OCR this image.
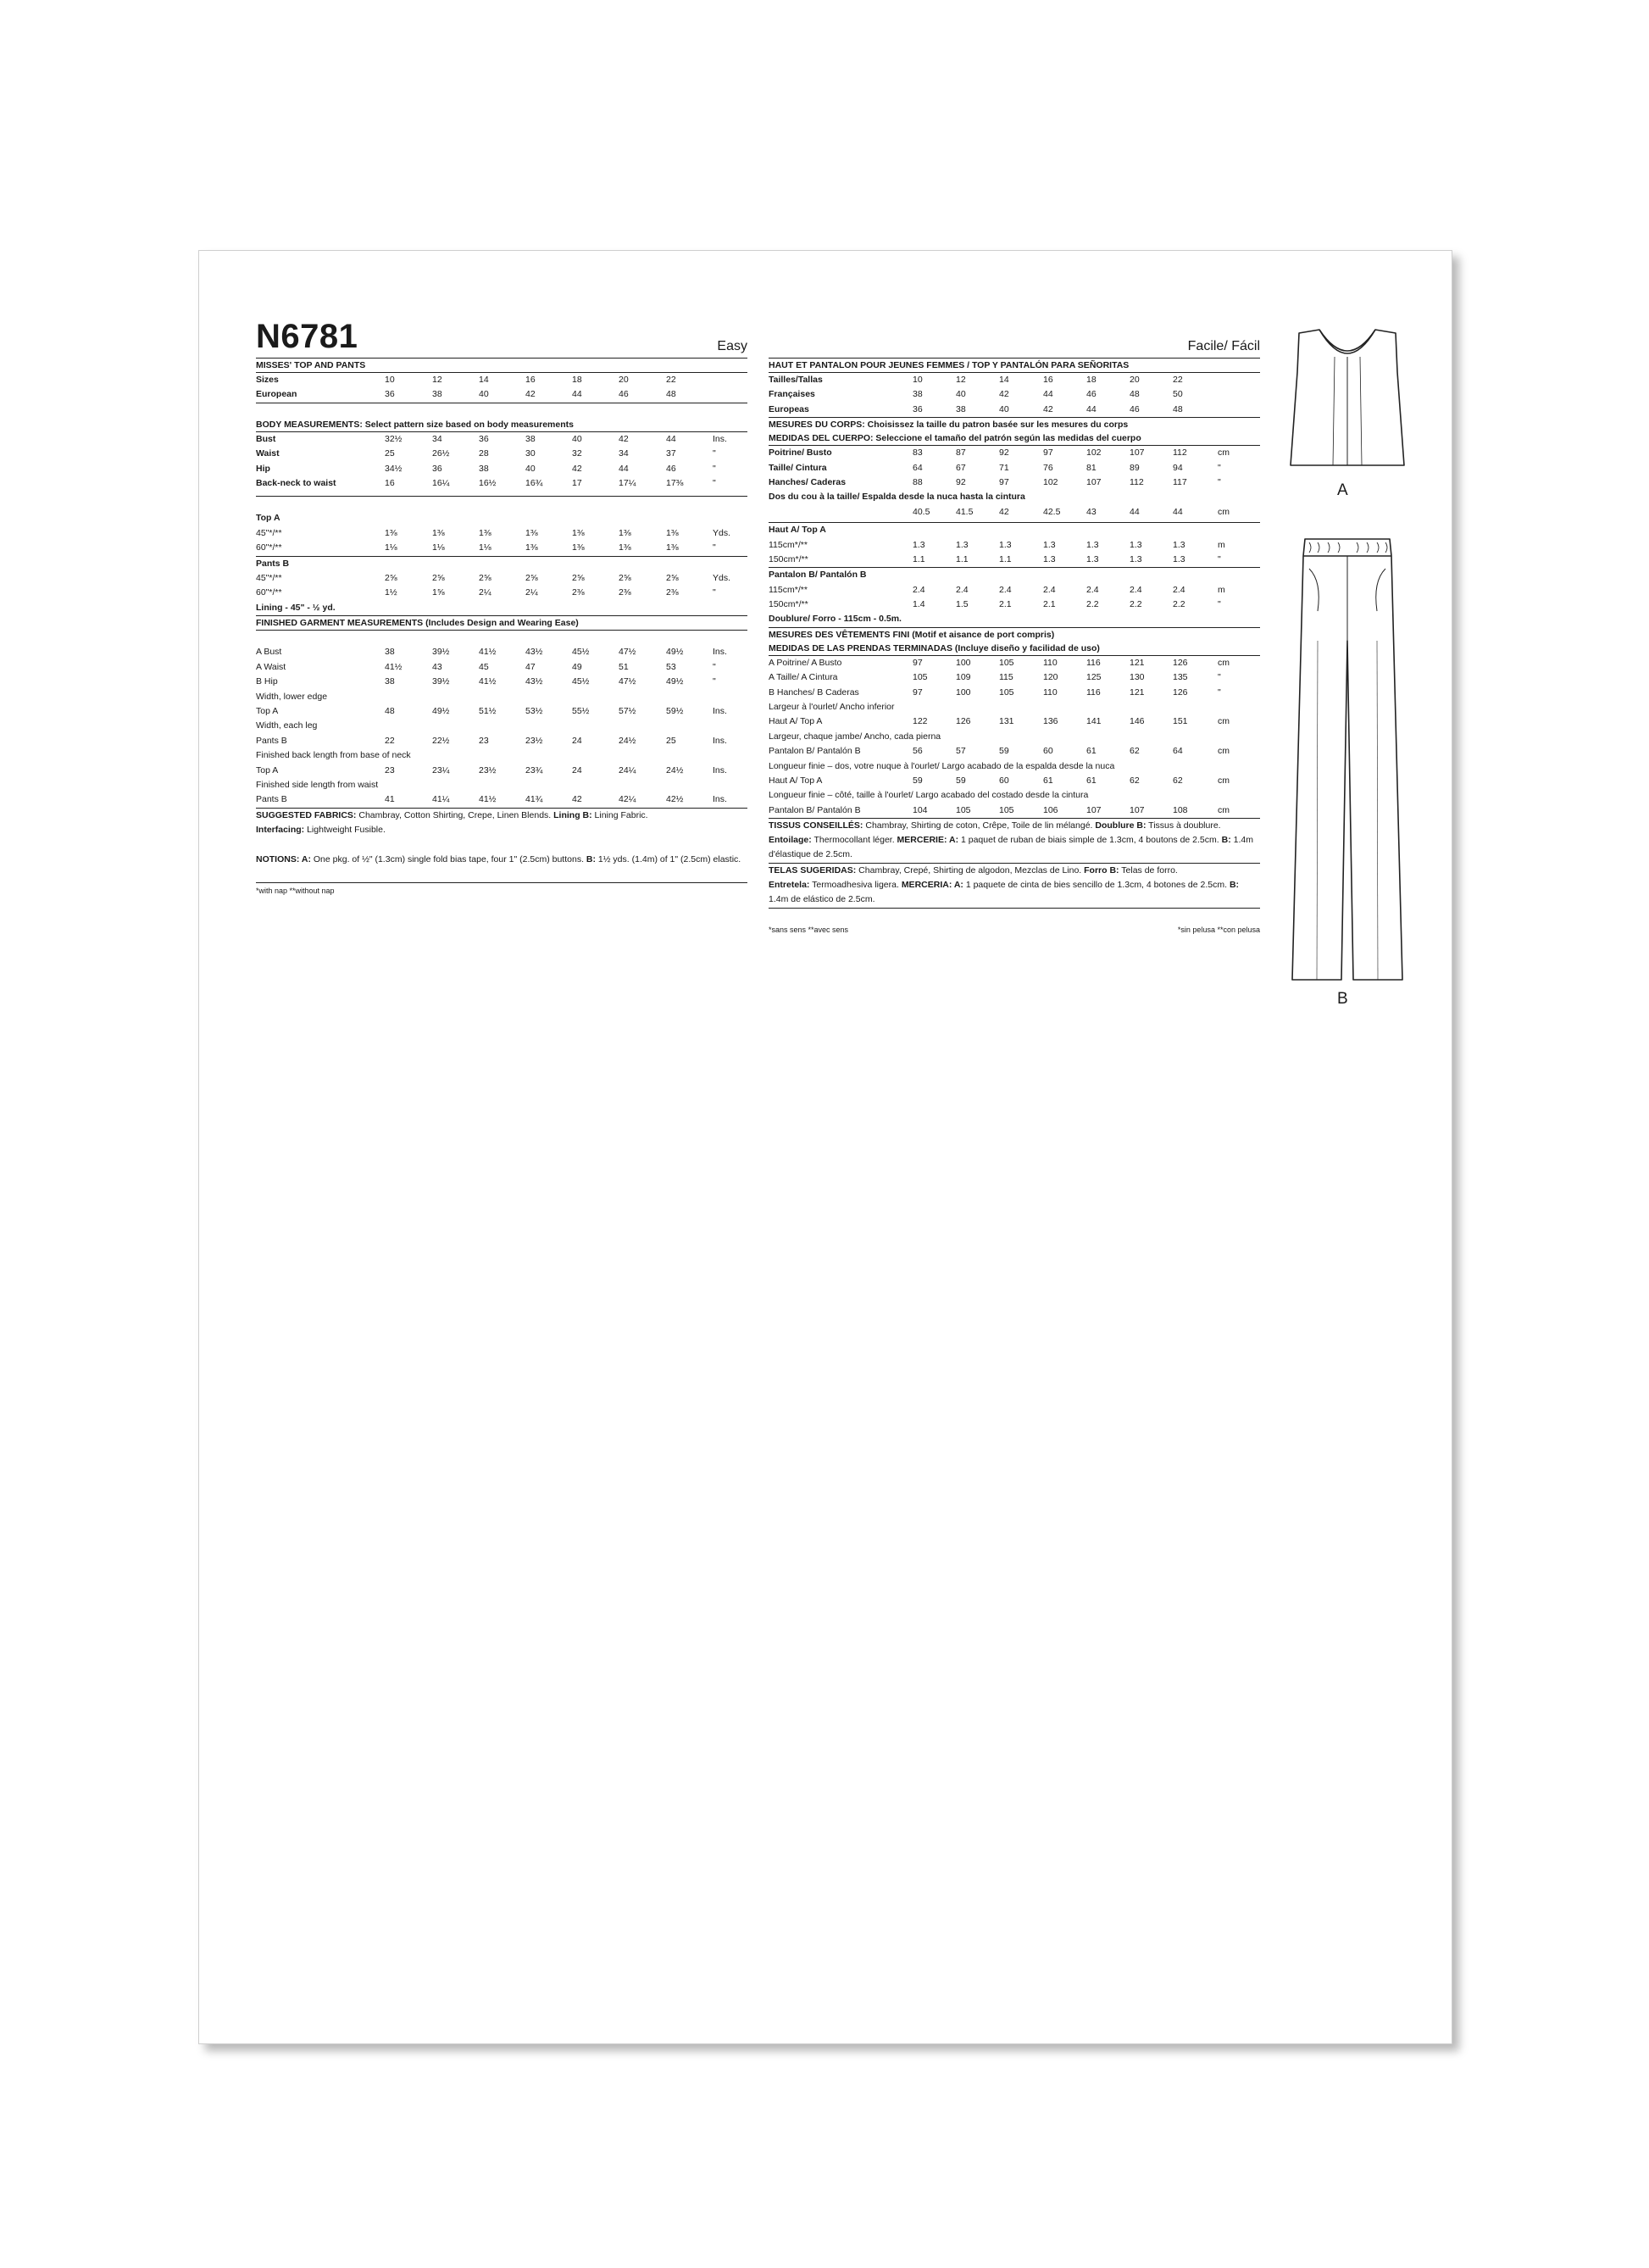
N6781	Easy
MISSES' TOP AND PANTS
Sizes	10	12	14	16	18	20	22
European	36	38	40	42	44	46	48
BODY MEASUREMENTS: Select pattern size based on body measurements
Bust	32½	34	36	38	40	42	44	Ins.
Waist	25	26½	28	30	32	34	37	"
Hip	34½	36	38	40	42	44	46	"
Back-neck to waist	16	16¼	16½	16¾	17	17¼	17⅜	"
Top A
45"*/**	1⅜	1⅜	1⅜	1⅜	1⅜	1⅜	1⅜	Yds.
60"*/**	1⅛	1⅛	1⅛	1⅜	1⅜	1⅜	1⅜	"
Pants B
45"*/**	2⅝	2⅝	2⅝	2⅝	2⅝	2⅝	2⅝	Yds.
60"*/**	1½	1⅝	2¼	2¼	2⅜	2⅜	2⅜	"
Lining - 45" - ½ yd.
FINISHED GARMENT MEASUREMENTS (Includes Design and Wearing Ease)
A Bust	38	39½	41½	43½	45½	47½	49½	Ins.
A Waist	41½	43	45	47	49	51	53	"
B Hip	38	39½	41½	43½	45½	47½	49½	"
Width, lower edge
Top A	48	49½	51½	53½	55½	57½	59½	Ins.
Width, each leg
Pants B	22	22½	23	23½	24	24½	25	Ins.
Finished back length from base of neck
Top A	23	23¼	23½	23¾	24	24¼	24½	Ins.
Finished side length from waist
Pants B	41	41¼	41½	41¾	42	42¼	42½	Ins.
SUGGESTED FABRICS: Chambray, Cotton Shirting, Crepe, Linen Blends. Lining B: Lining Fabric.
Interfacing: Lightweight Fusible.
NOTIONS: A: One pkg. of ½" (1.3cm) single fold bias tape, four 1" (2.5cm) buttons. B: 1½ yds. (1.4m) of 1" (2.5cm) elastic.
*with nap **without nap
Facile/ Fácil
HAUT ET PANTALON POUR JEUNES FEMMES / TOP Y PANTALÓN PARA SEÑORITAS
Tailles/Tallas	10	12	14	16	18	20	22
Françaises	38	40	42	44	46	48	50
Europeas	36	38	40	42	44	46	48
MESURES DU CORPS: Choisissez la taille du patron basée sur les mesures du corps
MEDIDAS DEL CUERPO: Seleccione el tamaño del patrón según las medidas del cuerpo
Poitrine/ Busto	83	87	92	97	102	107	112	cm
Taille/ Cintura	64	67	71	76	81	89	94	"
Hanches/ Caderas	88	92	97	102	107	112	117	"
Dos du cou à la taille/ Espalda desde la nuca hasta la cintura
40.5	41.5	42	42.5	43	44	44	cm
Haut A/ Top A
115cm*/**	1.3	1.3	1.3	1.3	1.3	1.3	1.3	m
150cm*/**	1.1	1.1	1.1	1.3	1.3	1.3	1.3	"
Pantalon B/ Pantalón B
115cm*/**	2.4	2.4	2.4	2.4	2.4	2.4	2.4	m
150cm*/**	1.4	1.5	2.1	2.1	2.2	2.2	2.2	"
Doublure/ Forro - 115cm - 0.5m.
MESURES DES VÊTEMENTS FINI (Motif et aisance de port compris)
MEDIDAS DE LAS PRENDAS TERMINADAS (Incluye diseño y facilidad de uso)
A Poitrine/ A Busto	97	100	105	110	116	121	126	cm
A Taille/ A Cintura	105	109	115	120	125	130	135	"
B Hanches/ B Caderas	97	100	105	110	116	121	126	"
Largeur à l'ourlet/ Ancho inferior
Haut A/ Top A	122	126	131	136	141	146	151	cm
Largeur, chaque jambe/ Ancho, cada pierna
Pantalon B/ Pantalón B	56	57	59	60	61	62	64	cm
Longueur finie – dos, votre nuque à l'ourlet/ Largo acabado de la espalda desde la nuca
Haut A/ Top A	59	59	60	61	61	62	62	cm
Longueur finie – côté, taille à l'ourlet/ Largo acabado del costado desde la cintura
Pantalon B/ Pantalón B	104	105	105	106	107	107	108	cm
TISSUS CONSEILLÉS: Chambray, Shirting de coton, Crêpe, Toile de lin mélangé. Doublure B: Tissus à doublure. Entoilage: Thermocollant léger. MERCERIE: A: 1 paquet de ruban de biais simple de 1.3cm, 4 boutons de 2.5cm. B: 1.4m d'élastique de 2.5cm.
TELAS SUGERIDAS: Chambray, Crepé, Shirting de algodon, Mezclas de Lino. Forro B: Telas de forro.
Entretela: Termoadhesiva ligera. MERCERIA: A: 1 paquete de cinta de bies sencillo de 1.3cm, 4 botones de 2.5cm. B: 1.4m de elástico de 2.5cm.
*sans sens **avec sens	*sin pelusa **con pelusa
A
B
